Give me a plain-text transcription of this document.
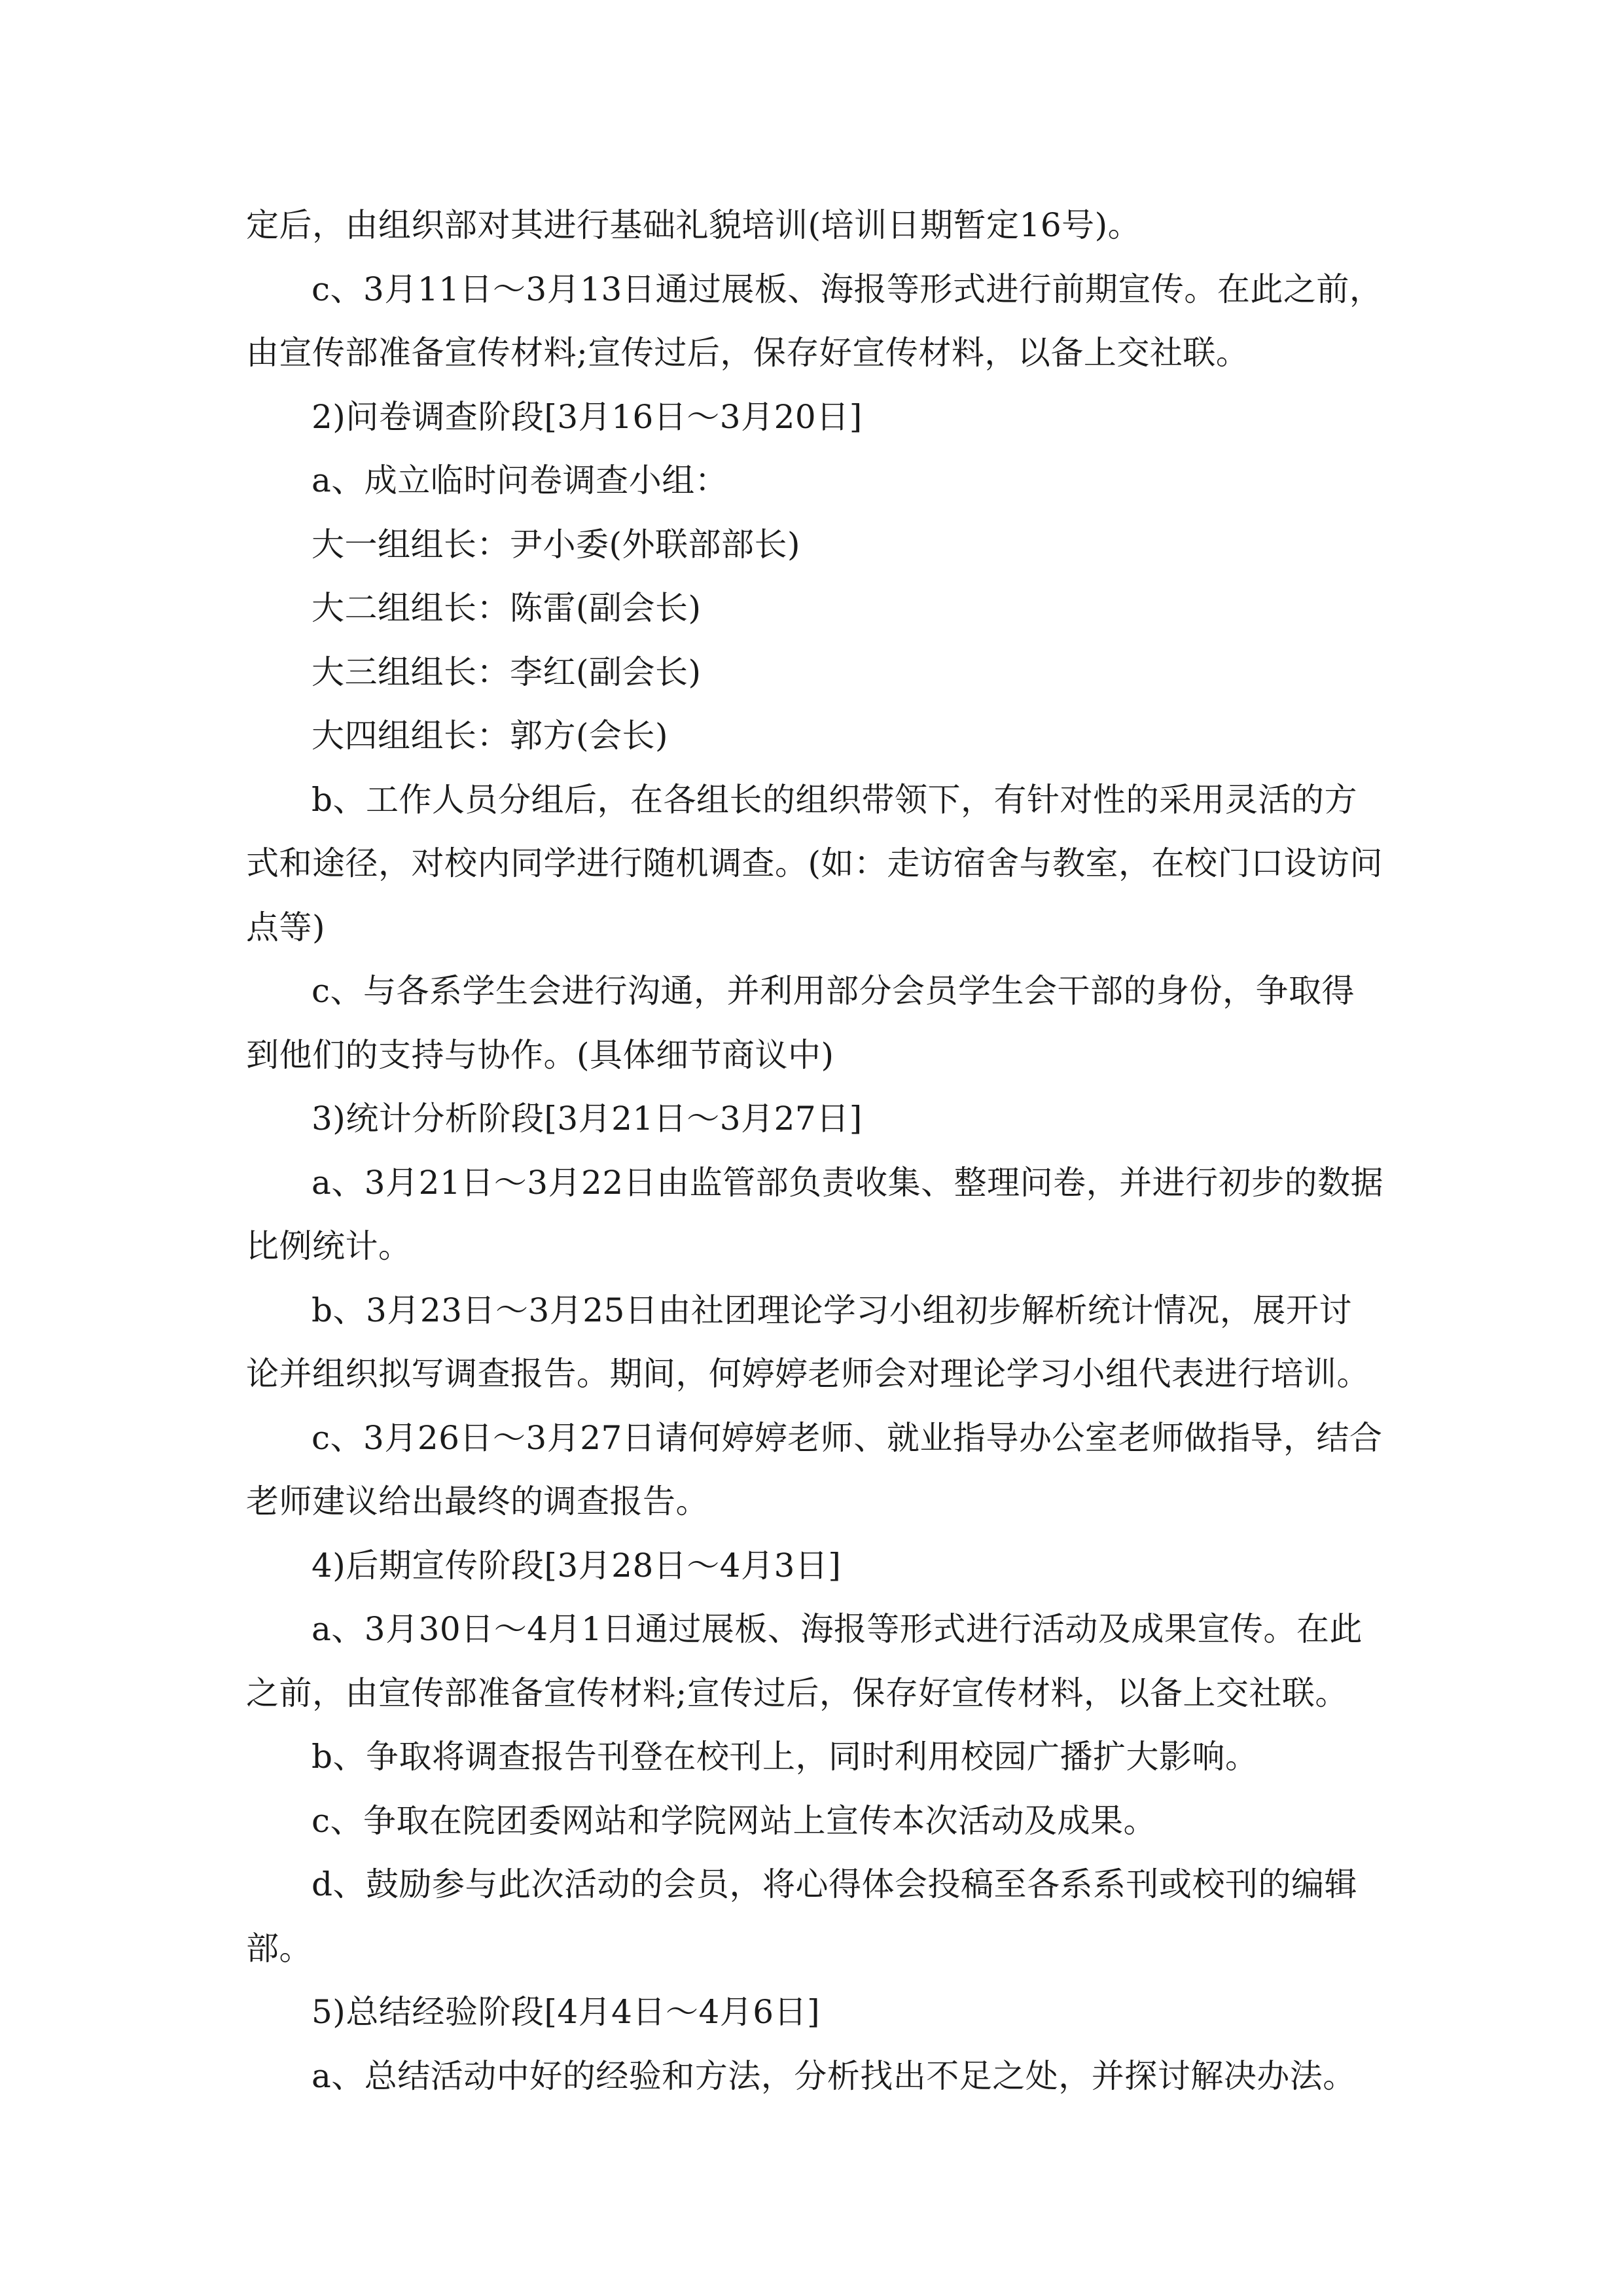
定后，由组织部对其进行基础礼貌培训(培训日期暂定16号)。

c、3月11日～3月13日通过展板、海报等形式进行前期宣传。在此之前，由宣传部准备宣传材料;宣传过后，保存好宣传材料，以备上交社联。

2)问卷调查阶段[3月16日～3月20日]

a、成立临时问卷调查小组：

大一组组长：尹小委(外联部部长)

大二组组长：陈雷(副会长)

大三组组长：李红(副会长)

大四组组长：郭方(会长)

b、工作人员分组后，在各组长的组织带领下，有针对性的采用灵活的方式和途径，对校内同学进行随机调查。(如：走访宿舍与教室，在校门口设访问点等)

c、与各系学生会进行沟通，并利用部分会员学生会干部的身份，争取得到他们的支持与协作。(具体细节商议中)

3)统计分析阶段[3月21日～3月27日]

a、3月21日～3月22日由监管部负责收集、整理问卷，并进行初步的数据比例统计。

b、3月23日～3月25日由社团理论学习小组初步解析统计情况，展开讨论并组织拟写调查报告。期间，何婷婷老师会对理论学习小组代表进行培训。

c、3月26日～3月27日请何婷婷老师、就业指导办公室老师做指导，结合老师建议给出最终的调查报告。

4)后期宣传阶段[3月28日～4月3日]

a、3月30日～4月1日通过展板、海报等形式进行活动及成果宣传。在此之前，由宣传部准备宣传材料;宣传过后，保存好宣传材料，以备上交社联。

b、争取将调查报告刊登在校刊上，同时利用校园广播扩大影响。

c、争取在院团委网站和学院网站上宣传本次活动及成果。

d、鼓励参与此次活动的会员，将心得体会投稿至各系系刊或校刊的编辑部。

5)总结经验阶段[4月4日～4月6日]

a、总结活动中好的经验和方法，分析找出不足之处，并探讨解决办法。
